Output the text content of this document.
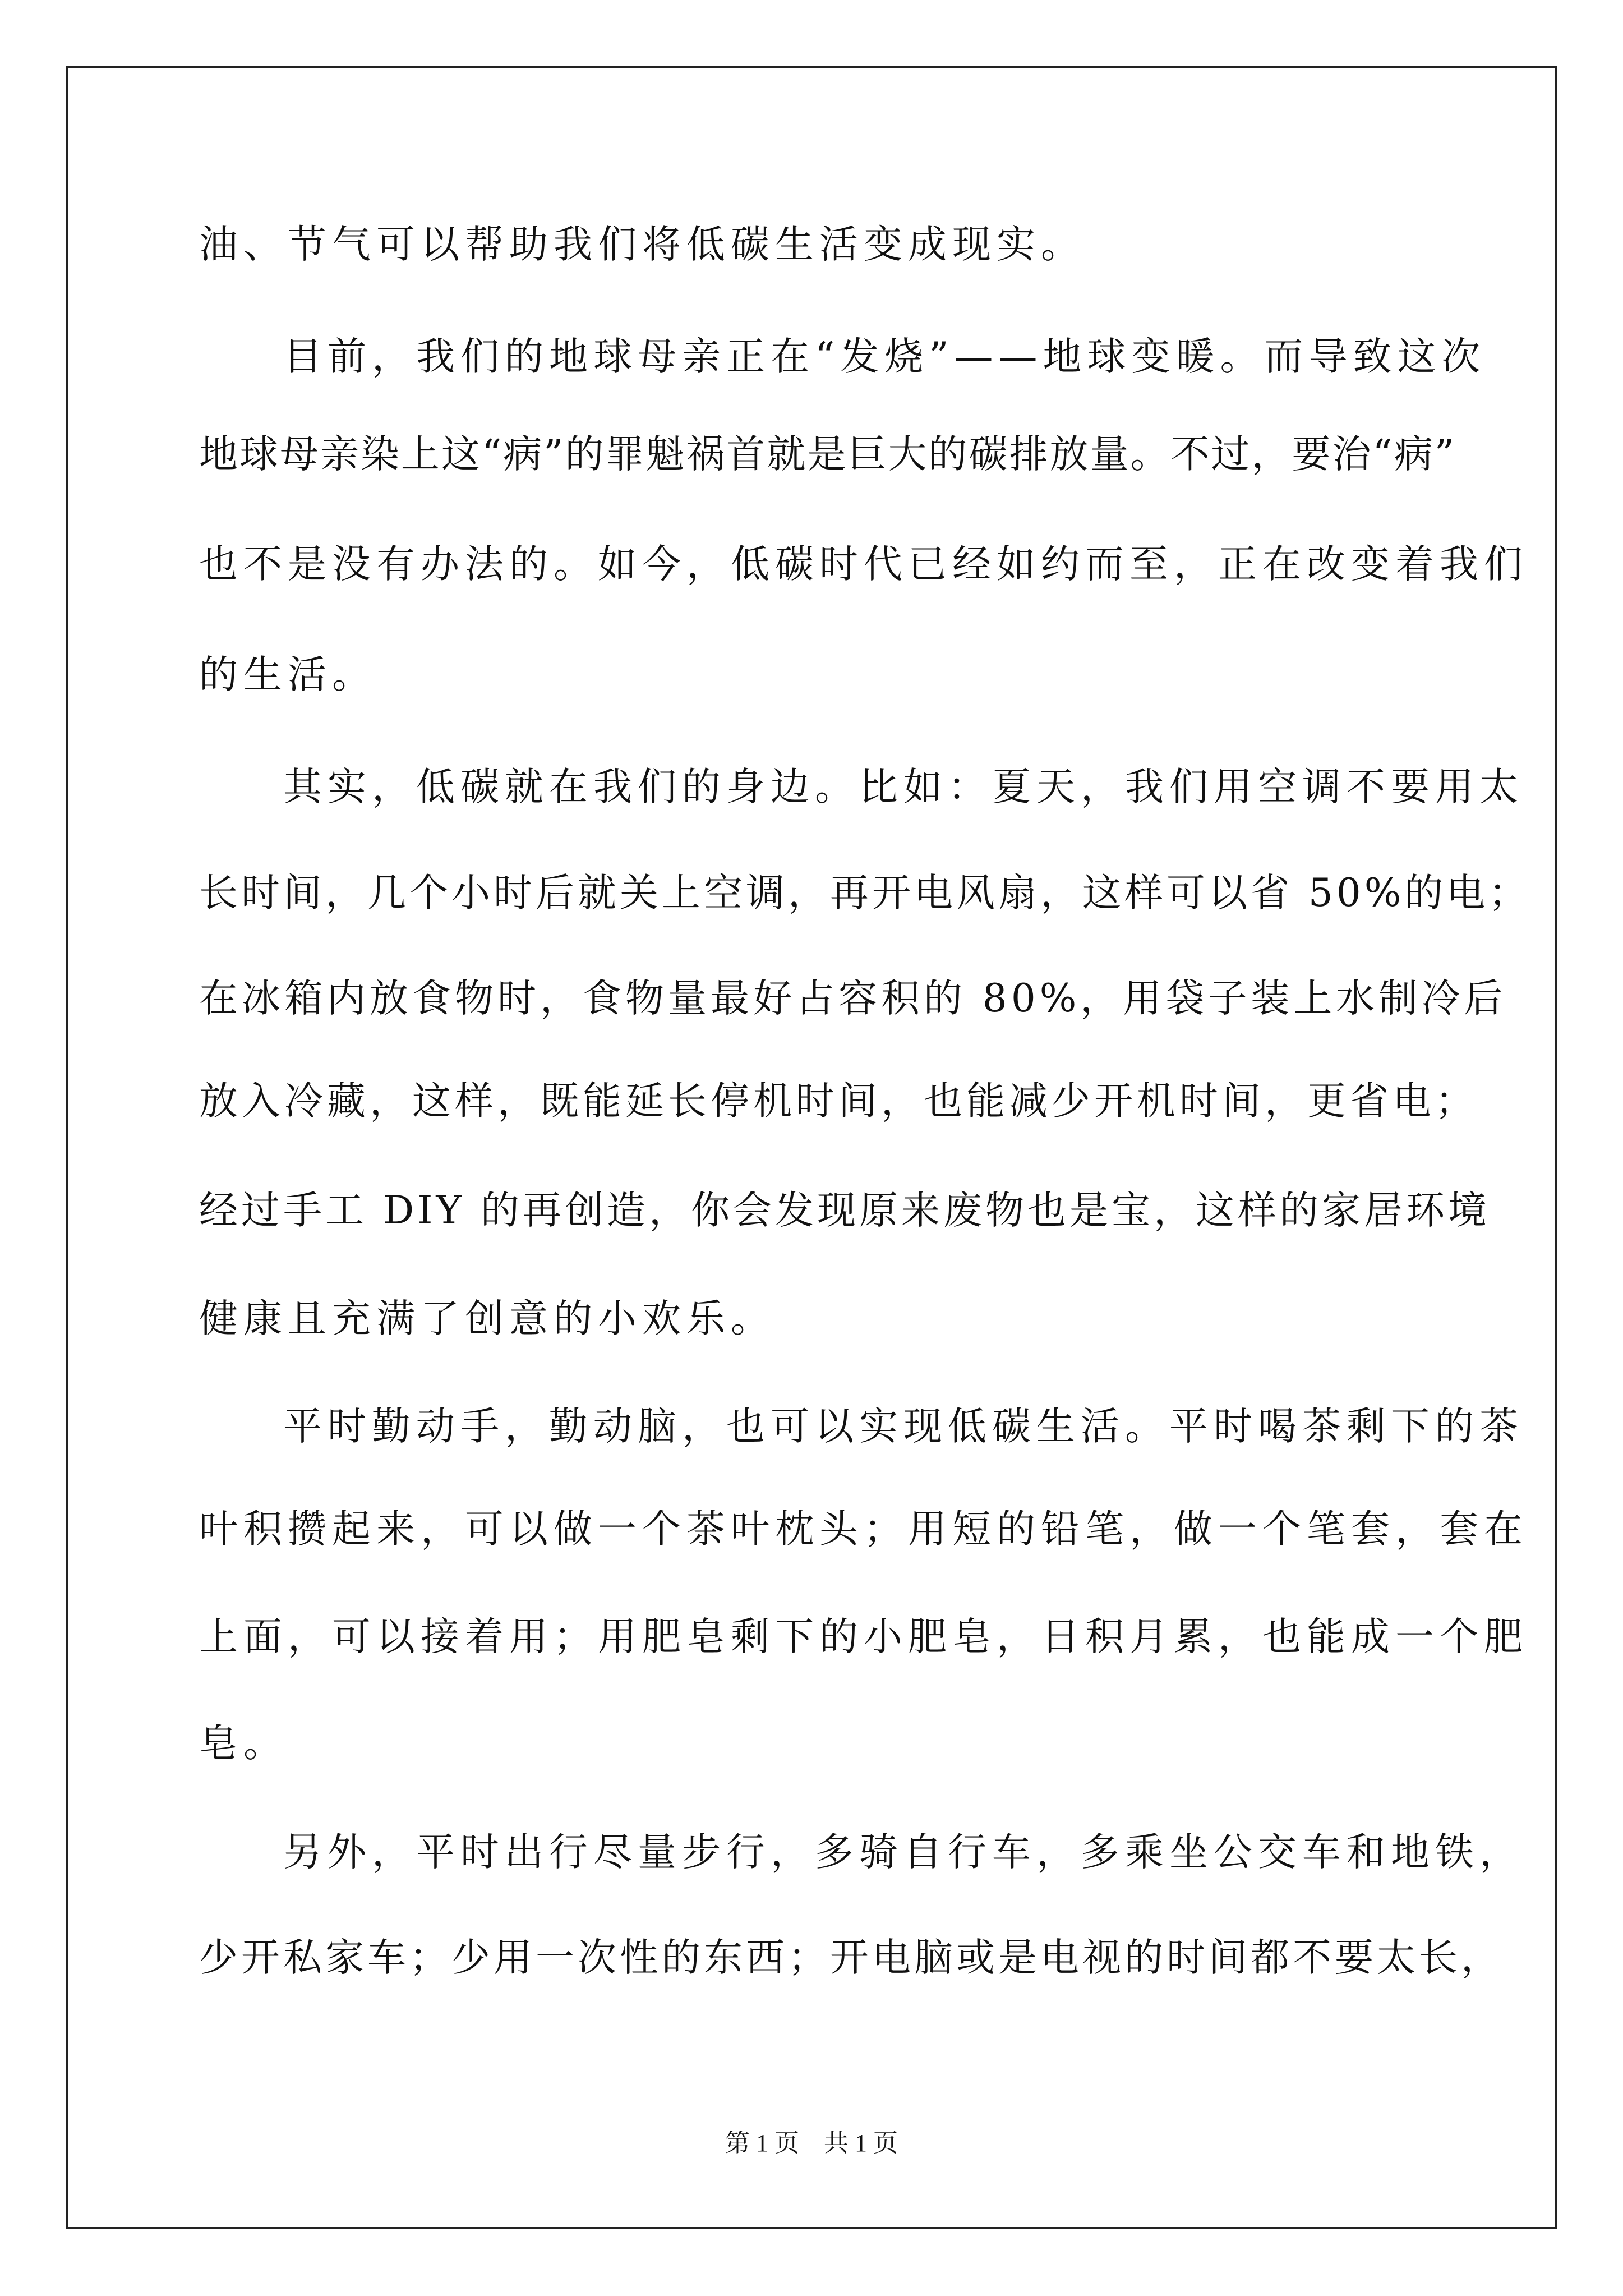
油、节气可以帮助我们将低碳生活变成现实。
目前，我们的地球母亲正在“发烧”——地球变暖。而导致这次
地球母亲染上这“病”的罪魁祸首就是巨大的碳排放量。不过，要治“病”
也不是没有办法的。如今，低碳时代已经如约而至，正在改变着我们
的生活。
其实，低碳就在我们的身边。比如：夏天，我们用空调不要用太
长时间，几个小时后就关上空调，再开电风扇，这样可以省 50%的电；
在冰箱内放食物时，食物量最好占容积的 80%，用袋子装上水制冷后
放入冷藏，这样，既能延长停机时间，也能减少开机时间，更省电；
经过手工 DIY 的再创造，你会发现原来废物也是宝，这样的家居环境
健康且充满了创意的小欢乐。
平时勤动手，勤动脑，也可以实现低碳生活。平时喝茶剩下的茶
叶积攒起来，可以做一个茶叶枕头；用短的铅笔，做一个笔套，套在
上面，可以接着用；用肥皂剩下的小肥皂，日积月累，也能成一个肥
皂。
另外，平时出行尽量步行，多骑自行车，多乘坐公交车和地铁，
少开私家车；少用一次性的东西；开电脑或是电视的时间都不要太长，
第 1 页　共 1 页
